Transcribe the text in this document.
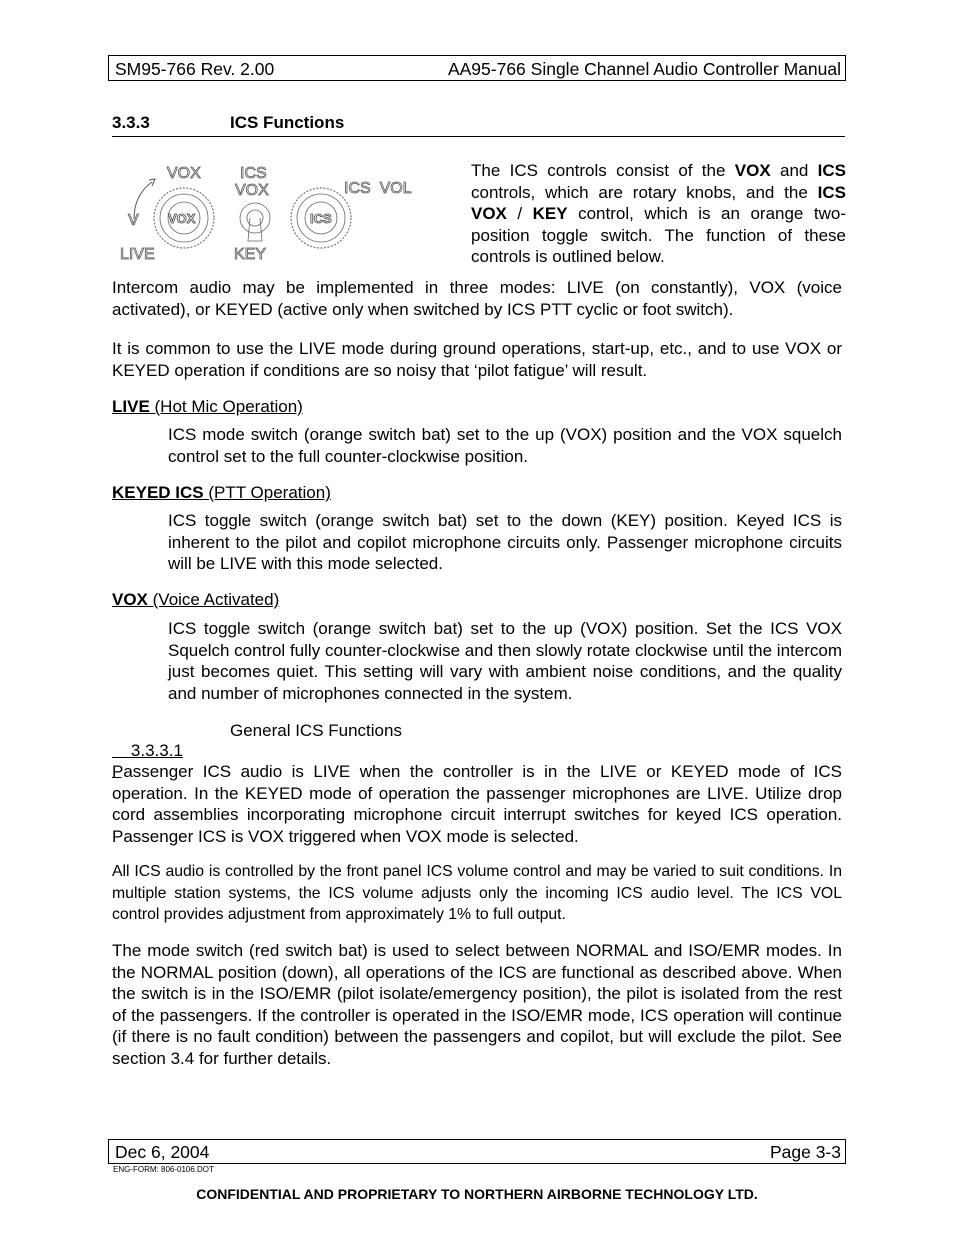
SM95-766 Rev. 2.00	AA95-766 Single Channel Audio Controller Manual
3.3.3	ICS Functions
VOX
V
LIVE
VOX
ICS
VOX
KEY
ICS  VOL
ICS

The ICS controls consist of the VOX and ICS controls, which are rotary knobs, and the ICS VOX / KEY control, which is an orange two-position toggle switch. The function of these controls is outlined below.

Intercom audio may be implemented in three modes: LIVE (on constantly), VOX (voice activated), or KEYED (active only when switched by ICS PTT cyclic or foot switch).

It is common to use the LIVE mode during ground operations, start-up, etc., and to use VOX or KEYED operation if conditions are so noisy that ‘pilot fatigue’ will result.

LIVE (Hot Mic Operation)

ICS mode switch (orange switch bat) set to the up (VOX) position and the VOX squelch control set to the full counter-clockwise position.

KEYED ICS (PTT Operation)

ICS toggle switch (orange switch bat) set to the down (KEY) position. Keyed ICS is inherent to the pilot and copilot microphone circuits only. Passenger microphone circuits will be LIVE with this mode selected.

VOX (Voice Activated)

ICS toggle switch (orange switch bat) set to the up (VOX) position. Set the ICS VOX Squelch control fully counter-clockwise and then slowly rotate clockwise until the intercom just becomes quiet. This setting will vary with ambient noise conditions, and the quality and number of microphones connected in the system.

3.3.3.1
General ICS Functions

Passenger ICS audio is LIVE when the controller is in the LIVE or KEYED mode of ICS operation. In the KEYED mode of operation the passenger microphones are LIVE. Utilize drop cord assemblies incorporating microphone circuit interrupt switches for keyed ICS operation. Passenger ICS is VOX triggered when VOX mode is selected.

All ICS audio is controlled by the front panel ICS volume control and may be varied to suit conditions. In multiple station systems, the ICS volume adjusts only the incoming ICS audio level. The ICS VOL control provides adjustment from approximately 1% to full output.

The mode switch (red switch bat) is used to select between NORMAL and ISO/EMR modes. In the NORMAL position (down), all operations of the ICS are functional as described above. When the switch is in the ISO/EMR (pilot isolate/emergency position), the pilot is isolated from the rest of the passengers. If the controller is operated in the ISO/EMR mode, ICS operation will continue (if there is no fault condition) between the passengers and copilot, but will exclude the pilot. See section 3.4 for further details.

Dec 6, 2004	Page 3-3
ENG-FORM: 806-0106.DOT
CONFIDENTIAL AND PROPRIETARY TO NORTHERN AIRBORNE TECHNOLOGY LTD.
